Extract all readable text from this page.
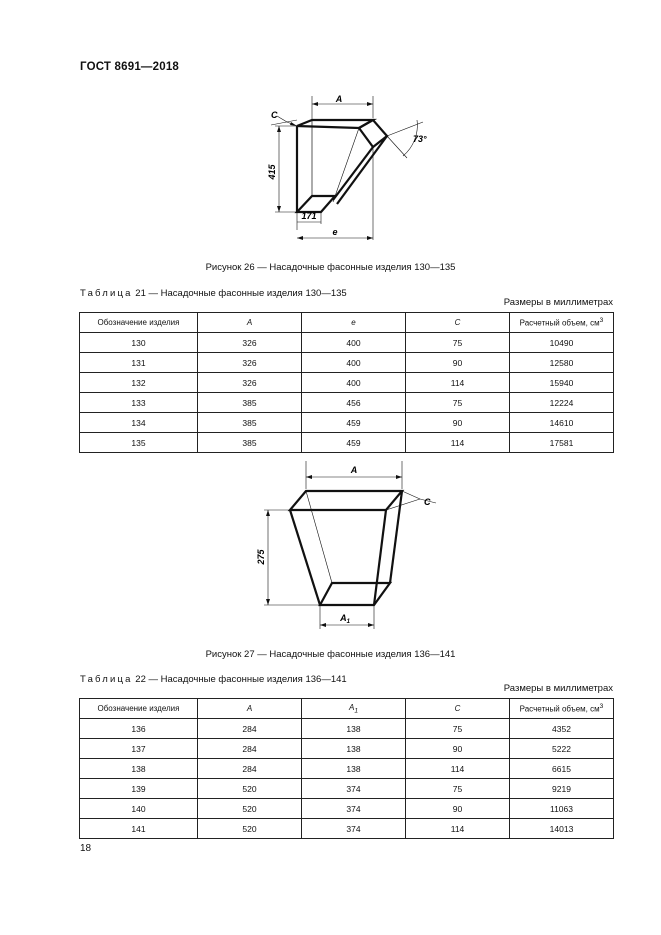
ГОСТ 8691—2018
A
C
73°
415
171
e
Рисунок 26 — Насадочные фасонные изделия 130—135
Таблица 21 — Насадочные фасонные изделия 130—135
Размеры в миллиметрах
Обозначение изделия	A	e	C	Расчетный объем, $см^3$
130	326	400	75	10490
131	326	400	90	12580
132	326	400	114	15940
133	385	456	75	12224
134	385	459	90	14610
135	385	459	114	17581
A
C
275
$A_1$
Рисунок 27 — Насадочные фасонные изделия 136—141
Таблица 22 — Насадочные фасонные изделия 136—141
Размеры в миллиметрах
Обозначение изделия	A	$A_1$	C	Расчетный объем, $см^3$
136	284	138	75	4352
137	284	138	90	5222
138	284	138	114	6615
139	520	374	75	9219
140	520	374	90	11063
141	520	374	114	14013
18
